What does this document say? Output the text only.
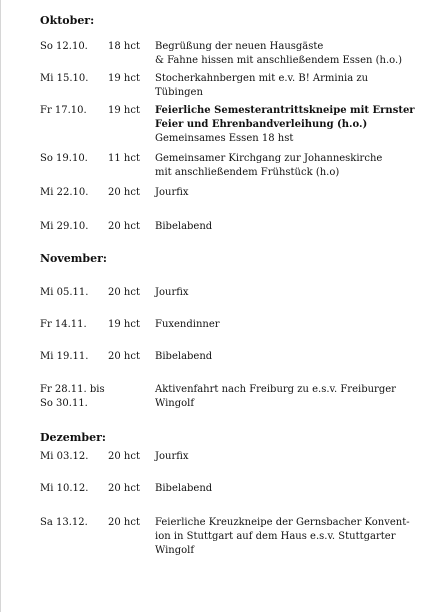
Oktober:
So 12.10. 18 hct Begrüßung der neuen Hausgäste
& Fahne hissen mit anschließendem Essen (h.o.)
Mi 15.10. 19 hct Stocherkahnbergen mit e.v. B! Arminia zu
Tübingen
Fr 17.10. 19 hct Feierliche Semesterantrittskneipe mit Ernster
Feier und Ehrenbandverleihung (h.o.)
Gemeinsames Essen 18 hst
So 19.10. 11 hct Gemeinsamer Kirchgang zur Johanneskirche
mit anschließendem Frühstück (h.o)
Mi 22.10. 20 hct Jourfix
Mi 29.10. 20 hct Bibelabend
November:
Mi 05.11. 20 hct Jourfix
Fr 14.11. 19 hct Fuxendinner
Mi 19.11. 20 hct Bibelabend
Fr 28.11. bis
So 30.11.
Aktivenfahrt nach Freiburg zu e.s.v. Freiburger
Wingolf
Dezember:
Mi 03.12. 20 hct Jourfix
Mi 10.12. 20 hct Bibelabend
Sa 13.12. 20 hct Feierliche Kreuzkneipe der Gernsbacher Konvent-
ion in Stuttgart auf dem Haus e.s.v. Stuttgarter
Wingolf
